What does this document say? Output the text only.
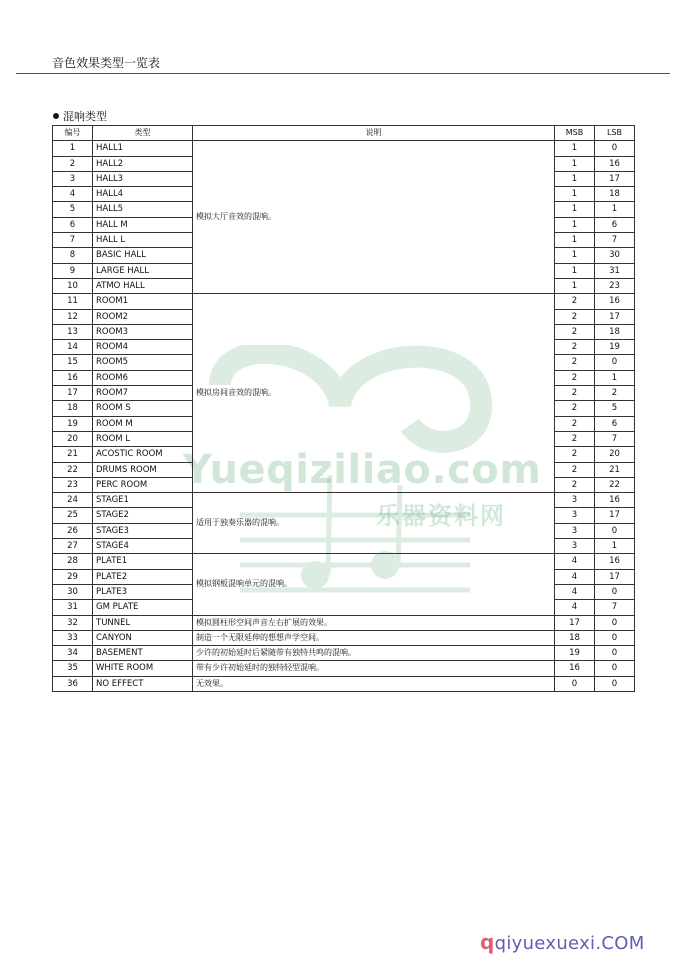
音色效果类型一览表
混响类型
Yueqiziliao.com
乐器资料网
编号	类型	说明	MSB	LSB
1	HALL1	模拟大厅音效的混响。	1	0
2	HALL2		1	16
3	HALL3		1	17
4	HALL4		1	18
5	HALL5		1	1
6	HALL M		1	6
7	HALL L		1	7
8	BASIC HALL		1	30
9	LARGE HALL		1	31
10	ATMO HALL		1	23
11	ROOM1	模拟房间音效的混响。	2	16
12	ROOM2		2	17
13	ROOM3		2	18
14	ROOM4		2	19
15	ROOM5		2	0
16	ROOM6		2	1
17	ROOM7		2	2
18	ROOM S		2	5
19	ROOM M		2	6
20	ROOM L		2	7
21	ACOSTIC ROOM		2	20
22	DRUMS ROOM		2	21
23	PERC ROOM		2	22
24	STAGE1	适用于独奏乐器的混响。	3	16
25	STAGE2		3	17
26	STAGE3		3	0
27	STAGE4		3	1
28	PLATE1	模拟钢板混响单元的混响。	4	16
29	PLATE2		4	17
30	PLATE3		4	0
31	GM PLATE		4	7
32	TUNNEL	模拟圆柱形空间声音左右扩展的效果。	17	0
33	CANYON	制造一个无限延伸的想想声学空间。	18	0
34	BASEMENT	少许的初始延时后紧随带有独特共鸣的混响。	19	0
35	WHITE ROOM	带有少许初始延时的独特轻型混响。	16	0
36	NO EFFECT	无效果。	0	0
qqiyuexuexi.COM
